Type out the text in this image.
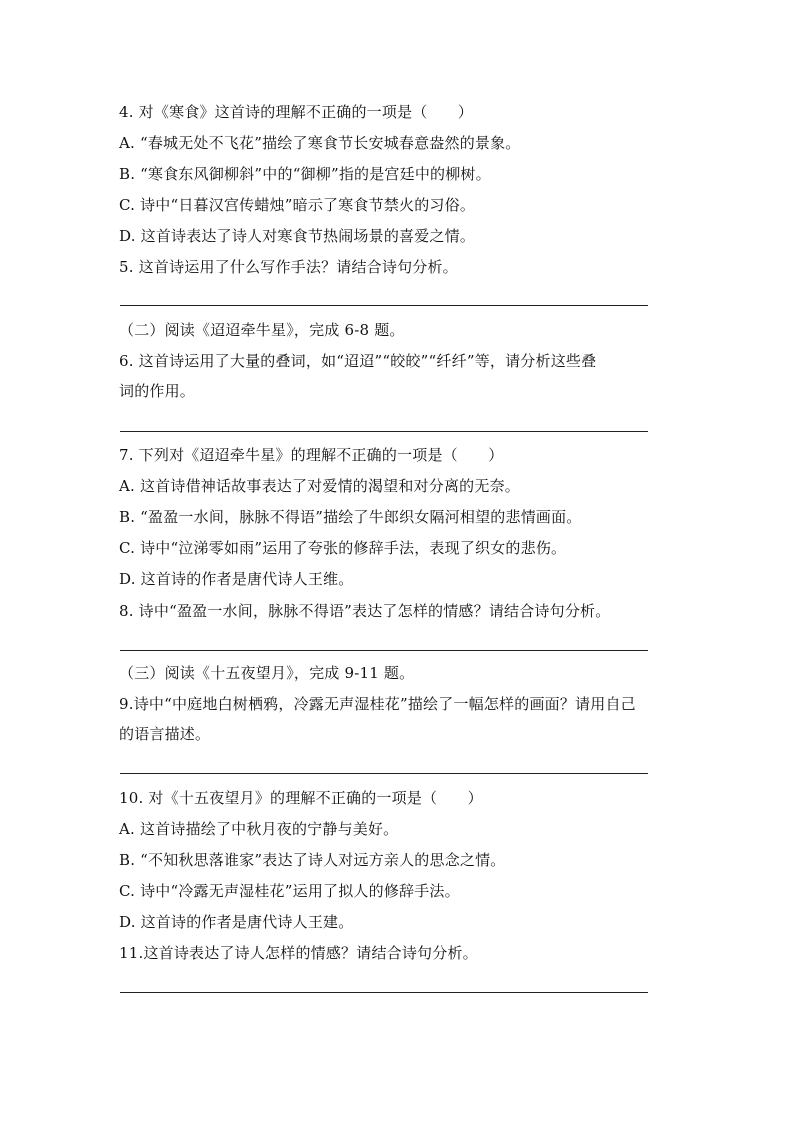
4. 对《寒食》这首诗的理解不正确的一项是（　　）
A. “春城无处不飞花”描绘了寒食节长安城春意盎然的景象。
B. “寒食东风御柳斜”中的“御柳”指的是宫廷中的柳树。
C. 诗中“日暮汉宫传蜡烛”暗示了寒食节禁火的习俗。
D. 这首诗表达了诗人对寒食节热闹场景的喜爱之情。
5. 这首诗运用了什么写作手法？请结合诗句分析。
（二）阅读《迢迢牵牛星》，完成 6-8 题。
6. 这首诗运用了大量的叠词，如“迢迢”“皎皎”“纤纤”等，请分析这些叠
词的作用。
7. 下列对《迢迢牵牛星》的理解不正确的一项是（　　）
A. 这首诗借神话故事表达了对爱情的渴望和对分离的无奈。
B. “盈盈一水间，脉脉不得语”描绘了牛郎织女隔河相望的悲情画面。
C. 诗中“泣涕零如雨”运用了夸张的修辞手法，表现了织女的悲伤。
D. 这首诗的作者是唐代诗人王维。
8. 诗中“盈盈一水间，脉脉不得语”表达了怎样的情感？请结合诗句分析。
（三）阅读《十五夜望月》，完成 9-11 题。
9.诗中“中庭地白树栖鸦，冷露无声湿桂花”描绘了一幅怎样的画面？请用自己
的语言描述。
10. 对《十五夜望月》的理解不正确的一项是（　　）
A. 这首诗描绘了中秋月夜的宁静与美好。
B. “不知秋思落谁家”表达了诗人对远方亲人的思念之情。
C. 诗中“冷露无声湿桂花”运用了拟人的修辞手法。
D. 这首诗的作者是唐代诗人王建。
11.这首诗表达了诗人怎样的情感？请结合诗句分析。
